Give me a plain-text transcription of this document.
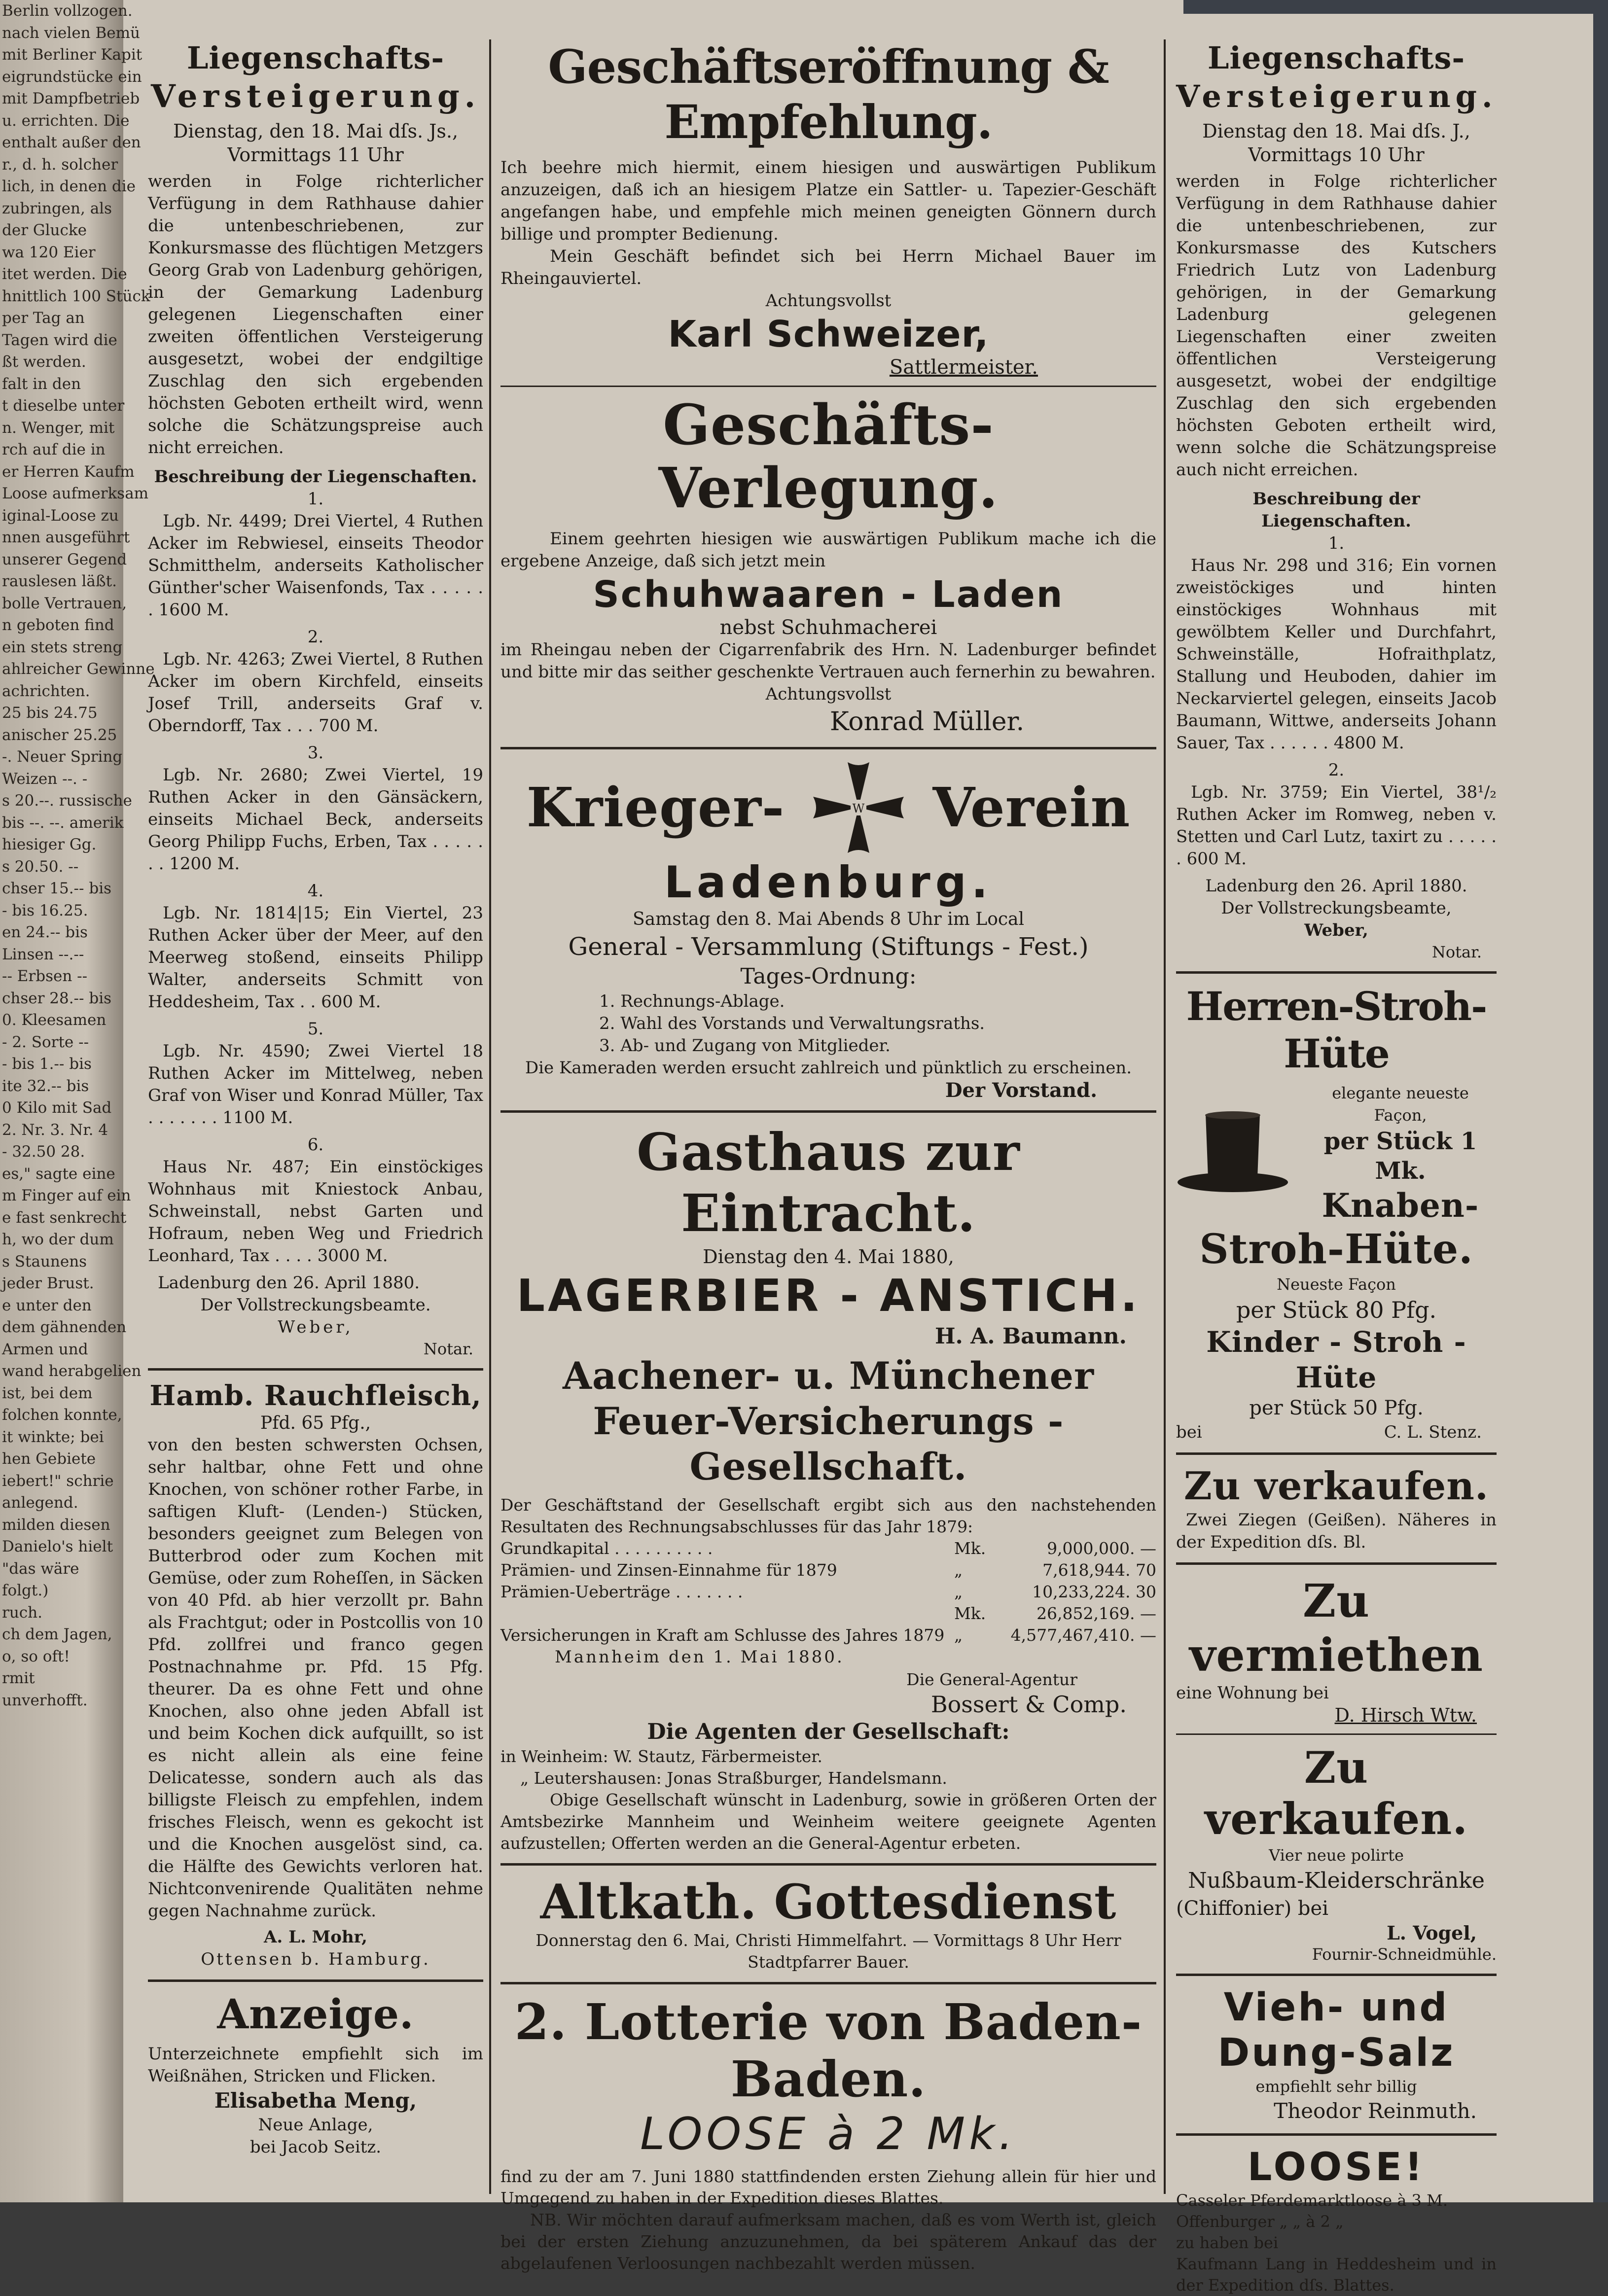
Berlin vollzogen.
nach vielen Bemü
mit Berliner Kapit
eigrundstücke ein
mit Dampfbetrieb
u. errichten. Die
enthalt außer den
r., d. h. solcher
lich, in denen die
zubringen, als
der Glucke
wa 120 Eier
itet werden. Die
hnittlich 100 Stück
per Tag an
Tagen wird die
ßt werden.
falt in den
t dieselbe unter
n. Wenger, mit
rch auf die in
er Herren Kaufm
Loose aufmerksam
iginal-Loose zu
nnen ausgeführt
unserer Gegend
rauslesen läßt.
bolle Vertrauen,
n geboten find
ein stets streng
ahlreicher Gewinne
achrichten.
25 bis 24.75
anischer 25.25
-. Neuer Spring
Weizen --. -
s 20.--. russische
bis --. --. amerik
hiesiger Gg.
s 20.50. --
chser 15.-- bis
- bis 16.25.
en 24.-- bis
Linsen --.--
-- Erbsen --
chser 28.-- bis
0. Kleesamen
- 2. Sorte --
- bis 1.-- bis
ite 32.-- bis
0 Kilo mit Sad
2. Nr. 3. Nr. 4
- 32.50 28.
es," sagte eine
m Finger auf ein
e fast senkrecht
h, wo der dum
s Staunens
jeder Brust.
e unter den
dem gähnenden
Armen und
wand herabgelien
ist, bei dem
folchen konnte,
it winkte; bei
hen Gebiete
iebert!" schrie
anlegend.
milden diesen
Danielo's hielt
"das wäre
folgt.)
ruch.
ch dem Jagen,
o, so oft!
rmit
unverhofft.

Liegenschafts-

Versteigerung.

Dienstag, den 18. Mai dſs. Js.,

Vormittags 11 Uhr

werden in Folge richterlicher Verfügung in dem Rathhause dahier die untenbeschriebenen, zur Konkursmasse des flüchtigen Metzgers Georg Grab von Ladenburg gehörigen, in der Gemarkung Ladenburg gelegenen Liegenschaften einer zweiten öffentlichen Versteigerung ausgesetzt, wobei der endgiltige Zuschlag den sich ergebenden höchsten Geboten ertheilt wird, wenn solche die Schätzungspreise auch nicht erreichen.

Beschreibung der Liegenschaften.

1.

Lgb. Nr. 4499; Drei Viertel, 4 Ruthen Acker im Rebwiesel, einseits Theodor Schmitthelm, anderseits Katholischer Günther'scher Waisenfonds, Tax . . . . . . 1600 M.

2.

Lgb. Nr. 4263; Zwei Viertel, 8 Ruthen Acker im obern Kirchfeld, einseits Josef Trill, anderseits Graf v. Oberndorff, Tax . . . 700 M.

3.

Lgb. Nr. 2680; Zwei Viertel, 19 Ruthen Acker in den Gänsäckern, einseits Michael Beck, anderseits Georg Philipp Fuchs, Erben, Tax . . . . . . . 1200 M.

4.

Lgb. Nr. 1814|15; Ein Viertel, 23 Ruthen Acker über der Meer, auf den Meerweg stoßend, einseits Philipp Walter, anderseits Schmitt von Heddesheim, Tax . . 600 M.

5.

Lgb. Nr. 4590; Zwei Viertel 18 Ruthen Acker im Mittelweg, neben Graf von Wiser und Konrad Müller, Tax . . . . . . . 1100 M.

6.

Haus Nr. 487; Ein einstöckiges Wohnhaus mit Kniestock Anbau, Schweinstall, nebst Garten und Hofraum, neben Weg und Friedrich Leonhard, Tax . . . . 3000 M.

Ladenburg den 26. April 1880.

Der Vollstreckungsbeamte.

Weber,

Notar.

Hamb. Rauchfleisch,

Pfd. 65 Pfg.,

von den besten schwersten Ochsen, sehr haltbar, ohne Fett und ohne Knochen, von schöner rother Farbe, in saftigen Kluft- (Lenden-) Stücken, besonders geeignet zum Belegen von Butterbrod oder zum Kochen mit Gemüse, oder zum Roheſſen, in Säcken von 40 Pfd. ab hier verzollt pr. Bahn als Frachtgut; oder in Postcollis von 10 Pfd. zollfrei und franco gegen Postnachnahme pr. Pfd. 15 Pfg. theurer. Da es ohne Fett und ohne Knochen, also ohne jeden Abfall ist und beim Kochen dick aufquillt, so ist es nicht allein als eine feine Delicatesse, sondern auch als das billigste Fleisch zu empfehlen, indem frisches Fleisch, wenn es gekocht ist und die Knochen ausgelöst sind, ca. die Hälfte des Gewichts verloren hat. Nichtconvenirende Qualitäten nehme gegen Nachnahme zurück.

A. L. Mohr,

Ottensen b. Hamburg.

Anzeige.

Unterzeichnete empfiehlt sich im Weißnähen, Stricken und Flicken.

Elisabetha Meng,

Neue Anlage,

bei Jacob Seitz.

Geschäftseröffnung & Empfehlung.

Ich beehre mich hiermit, einem hiesigen und auswärtigen Publikum anzuzeigen, daß ich an hiesigem Platze ein Sattler- u. Tapezier-Geschäft angefangen habe, und empfehle mich meinen geneigten Gönnern durch billige und prompter Bedienung.

Mein Geschäft befindet sich bei Herrn Michael Bauer im Rheingauviertel.

Achtungsvollst

Karl Schweizer,

Sattlermeister.

Geschäfts-Verlegung.

Einem geehrten hiesigen wie auswärtigen Publikum mache ich die ergebene Anzeige, daß sich jetzt mein

Schuhwaaren - Laden

nebst Schuhmacherei

im Rheingau neben der Cigarrenfabrik des Hrn. N. Ladenburger befindet und bitte mir das seither geschenkte Vertrauen auch fernerhin zu bewahren.

Achtungsvollst

Konrad Müller.

Krieger-	W Verein

Ladenburg.

Samstag den 8. Mai Abends 8 Uhr im Local

General - Versammlung (Stiftungs - Fest.)

Tages-Ordnung:

1. Rechnungs-Ablage.

2. Wahl des Vorstands und Verwaltungsraths.

3. Ab- und Zugang von Mitglieder.

Die Kameraden werden ersucht zahlreich und pünktlich zu erscheinen.

Der Vorstand.

Gasthaus zur Eintracht.

Dienstag den 4. Mai 1880,

LAGERBIER - ANSTICH.

H. A. Baumann.

Aachener- u. Münchener Feuer-Versicherungs - Gesellschaft.

Der Geschäftstand der Gesellschaft ergibt sich aus den nachstehenden Resultaten des Rechnungsabschlusses für das Jahr 1879:

Grundkapital . . . . . . . . . .	Mk.	9,000,000. —
Prämien- und Zinsen-Einnahme für 1879	„	7,618,944. 70
Prämien-Ueberträge . . . . . . .	„	10,233,224. 30
Mk.	26,852,169. —
Versicherungen in Kraft am Schlusse des Jahres 1879 „	4,577,467,410. —

Mannheim den 1. Mai 1880.

Die General-Agentur

Bossert & Comp.

Die Agenten der Gesellschaft:

in Weinheim: W. Stautz, Färbermeister.

„ Leutershausen: Jonas Straßburger, Handelsmann.

Obige Gesellschaft wünscht in Ladenburg, sowie in größeren Orten der Amtsbezirke Mannheim und Weinheim weitere geeignete Agenten aufzustellen; Offerten werden an die General-Agentur erbeten.

Altkath. Gottesdienst

Donnerstag den 6. Mai, Christi Himmelfahrt. — Vormittags 8 Uhr Herr Stadtpfarrer Bauer.

2. Lotterie von Baden-Baden.

LOOSE à 2 Mk.

find zu der am 7. Juni 1880 stattfindenden ersten Ziehung allein für hier und Umgegend zu haben in der Expedition dieses Blattes.

NB. Wir möchten darauf aufmerksam machen, daß es vom Werth ist, gleich bei der ersten Ziehung anzuzunehmen, da bei späterem Ankauf das der abgelaufenen Verloosungen nachbezahlt werden müssen.

Liegenschafts-

Versteigerung.

Dienstag den 18. Mai dſs. J.,

Vormittags 10 Uhr

werden in Folge richterlicher Verfügung in dem Rathhause dahier die untenbeschriebenen, zur Konkursmasse des Kutschers Friedrich Lutz von Ladenburg gehörigen, in der Gemarkung Ladenburg gelegenen Liegenschaften einer zweiten öffentlichen Versteigerung ausgesetzt, wobei der endgiltige Zuschlag den sich ergebenden höchsten Geboten ertheilt wird, wenn solche die Schätzungspreise auch nicht erreichen.

Beschreibung der Liegenschaften.

1.

Haus Nr. 298 und 316; Ein vornen zweistöckiges und hinten einstöckiges Wohnhaus mit gewölbtem Keller und Durchfahrt, Schweinställe, Hofraithplatz, Stallung und Heuboden, dahier im Neckarviertel gelegen, einseits Jacob Baumann, Wittwe, anderseits Johann Sauer, Tax . . . . . . 4800 M.

2.

Lgb. Nr. 3759; Ein Viertel, 38¹/₂ Ruthen Acker im Romweg, neben v. Stetten und Carl Lutz, taxirt zu . . . . . . 600 M.

Ladenburg den 26. April 1880.

Der Vollstreckungsbeamte,

Weber,

Notar.

Herren-Stroh-Hüte

elegante neueste Façon,

per Stück 1 Mk.

Knaben-

Stroh-Hüte.

Neueste Façon

per Stück 80 Pfg.

Kinder - Stroh - Hüte

per Stück 50 Pfg.

bei	C. L. Stenz.

Zu verkaufen.

Zwei Ziegen (Geißen). Näheres in der Expedition dſs. Bl.

Zu vermiethen

eine Wohnung bei

D. Hirsch Wtw.

Zu verkaufen.

Vier neue polirte

Nußbaum-Kleiderschränke

(Chiffonier) bei

L. Vogel,

Fournir-Schneidmühle.

Vieh- und

Dung-Salz

empfiehlt sehr billig

Theodor Reinmuth.

LOOSE!

Casseler Pferdemarktloose à 3 M.

Offenburger „ „ à 2 „

zu haben bei

Kaufmann Lang in Heddesheim und in der Expedition dſs. Blattes.
